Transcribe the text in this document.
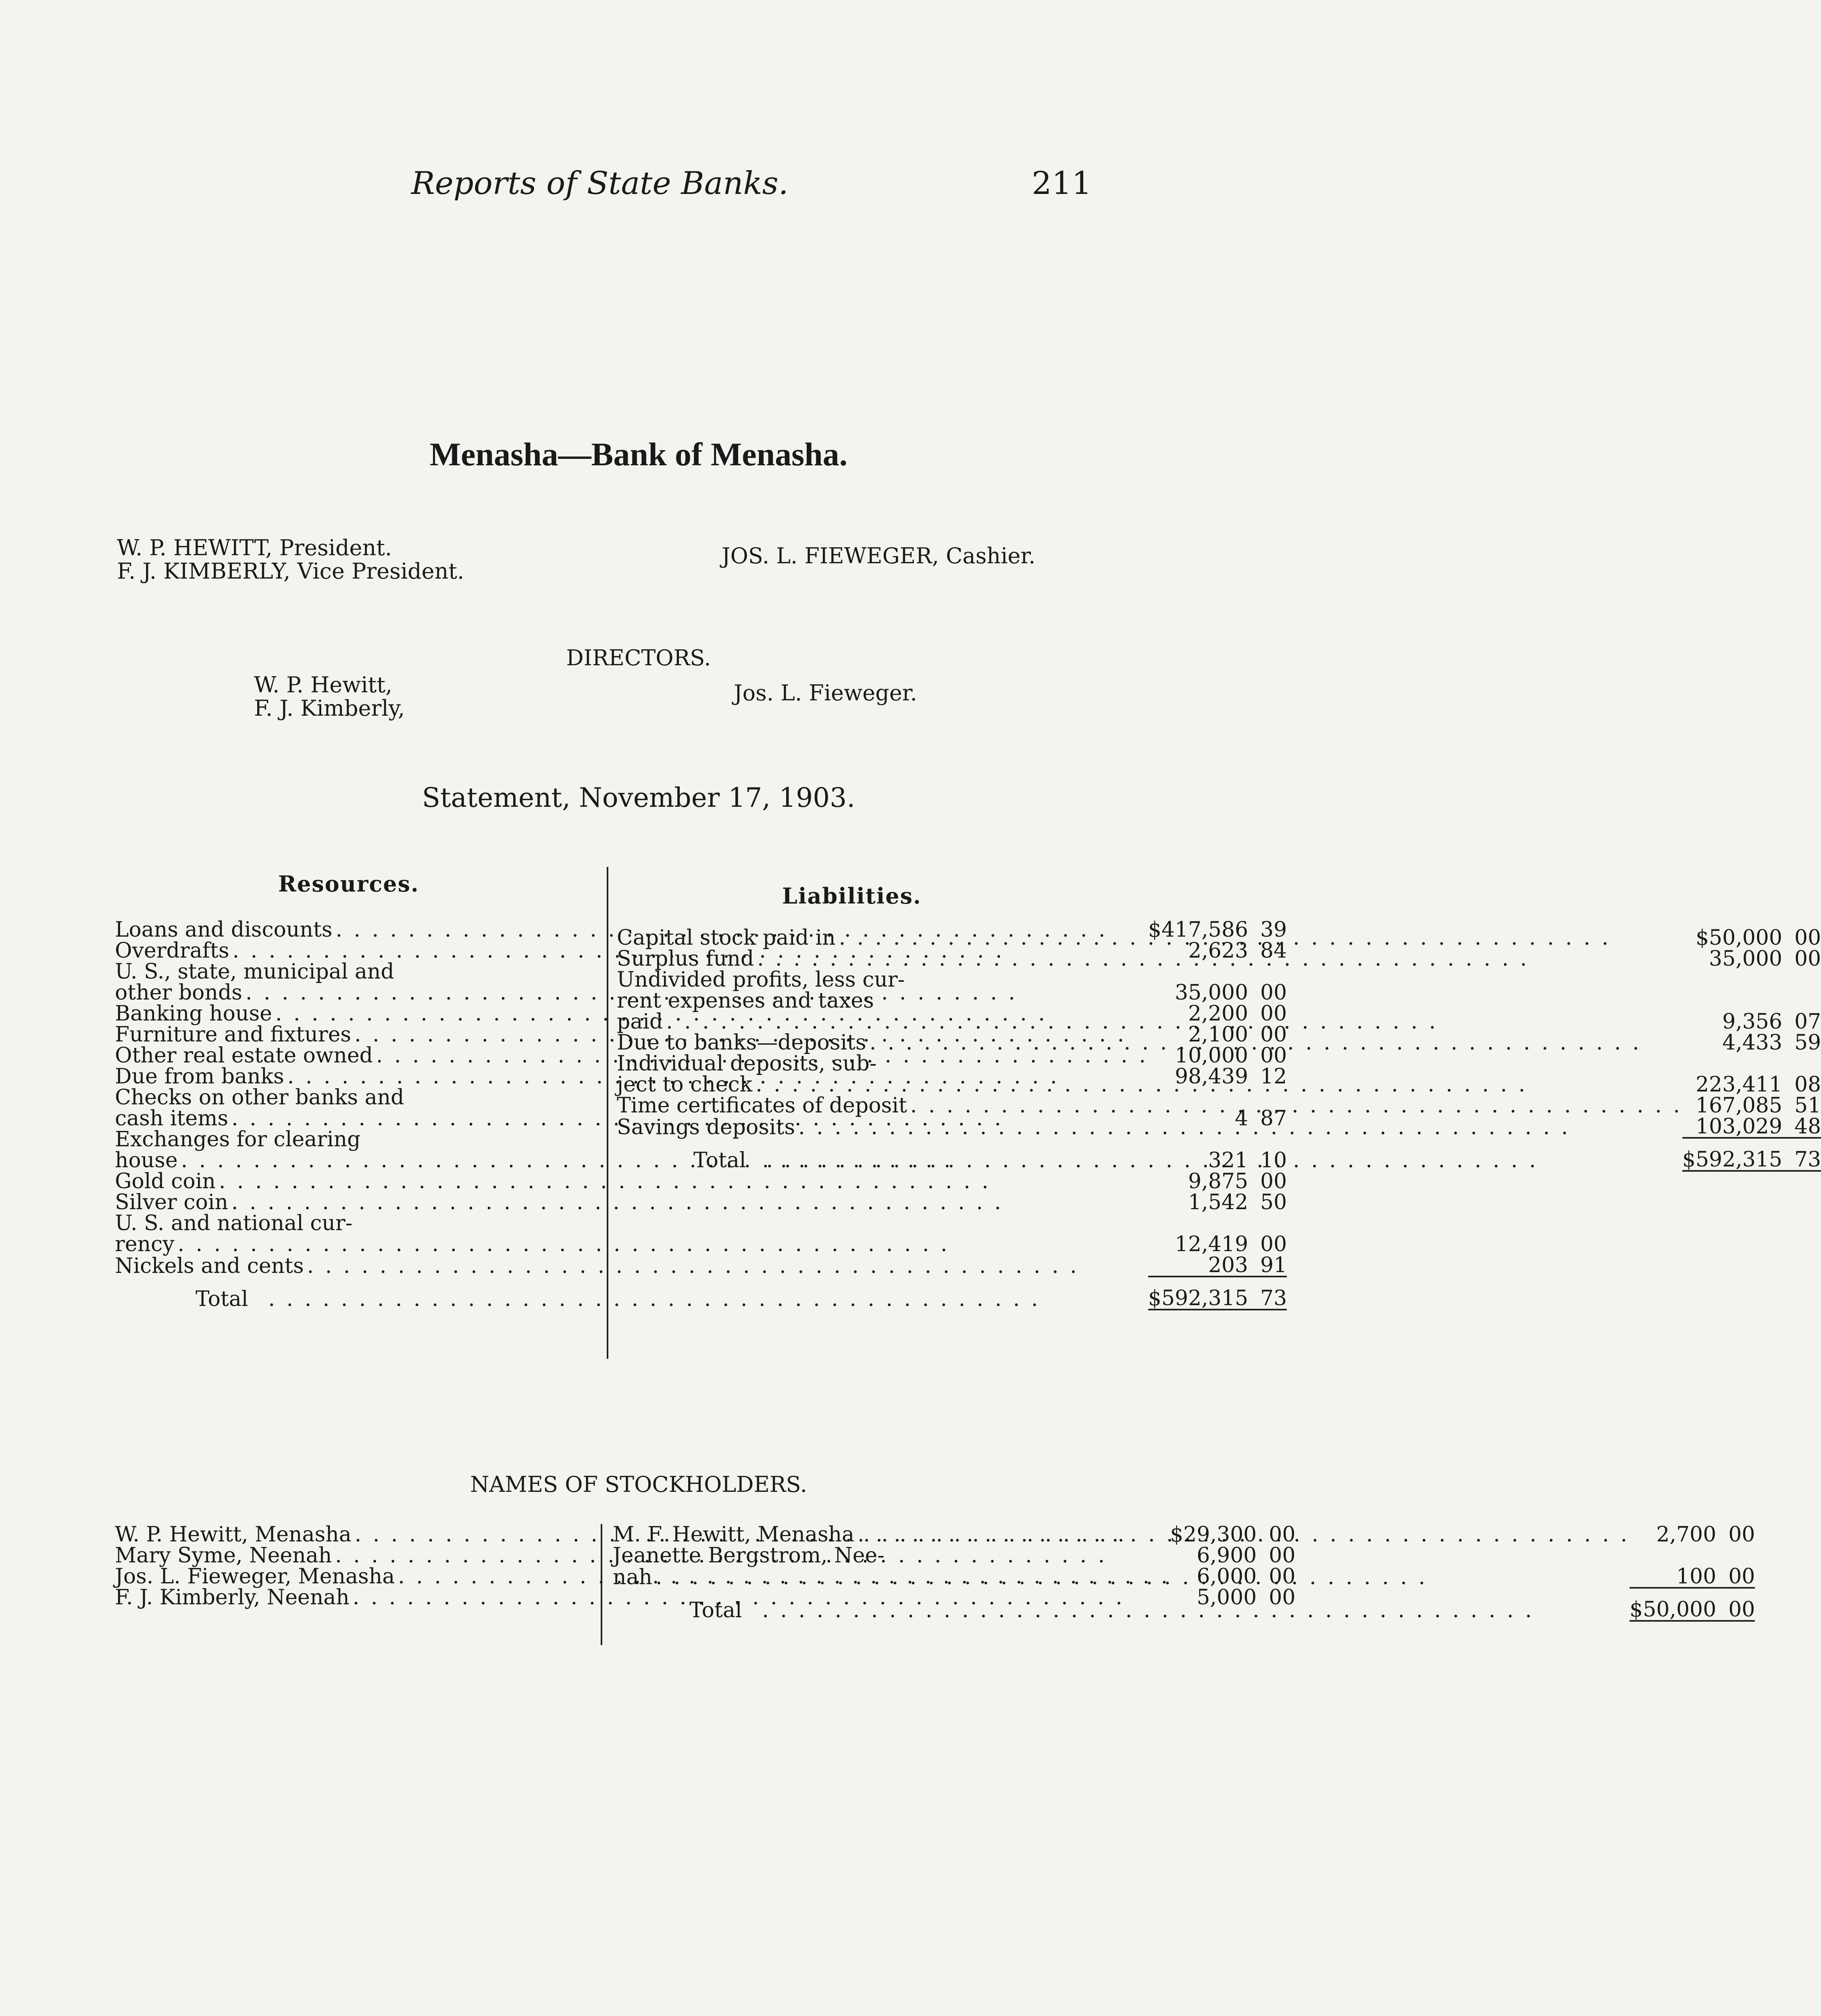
Reports of State Banks.	211
Menasha—Bank of Menasha.
W. P. HEWITT, President.
F. J. KIMBERLY, Vice President.
JOS. L. FIEWEGER, Cashier.
DIRECTORS.
W. P. Hewitt,
F. J. Kimberly,
Jos. L. Fieweger.
Statement, November 17, 1903.
Resources.	Liabilities.
Loans and discounts
. . .	$417,586	39

Overdrafts
. . .	2,623	84
U. S., state, municipal and		

other bonds
. . .	35,000	00

Banking house
. . .	2,200	00

Furniture and fixtures
. . .	2,100	00

Other real estate owned
. . .	10,000	00

Due from banks
. . .	98,439	12
Checks on other banks and		

cash items
. . .	4	87
Exchanges for clearing		

house
. . .	321	10

Gold coin
. . .	9,875	00

Silver coin
. . .	1,542	50
U. S. and national cur-		

rency
. . .	12,419	00

Nickels and cents
. . .	203	91

Total
. . .	$592,315	73
Capital stock paid in
. . .	$50,000	00

Surplus fund
. . .	35,000	00
Undivided profits, less cur-		
rent expenses and taxes		

paid
. . .	9,356	07

Due to banks—deposits
. . .	4,433	59
Individual deposits, sub-		

ject to check
. . .	223,411	08

Time certificates of deposit
. . .	167,085	51

Savings deposits
. . .	103,029	48

Total
. . .	$592,315	73
NAMES OF STOCKHOLDERS.
W. P. Hewitt, Menasha
. . .	$29,300	00

Mary Syme, Neenah
. . .	6,900	00

Jos. L. Fieweger, Menasha
. . .	6,000	00

F. J. Kimberly, Neenah
. . .	5,000	00
M. F. Hewitt, Menasha
. . .	2,700	00
Jeanette Bergstrom, Nee-		

nah
. . .	100	00

Total
. . .	$50,000	00
